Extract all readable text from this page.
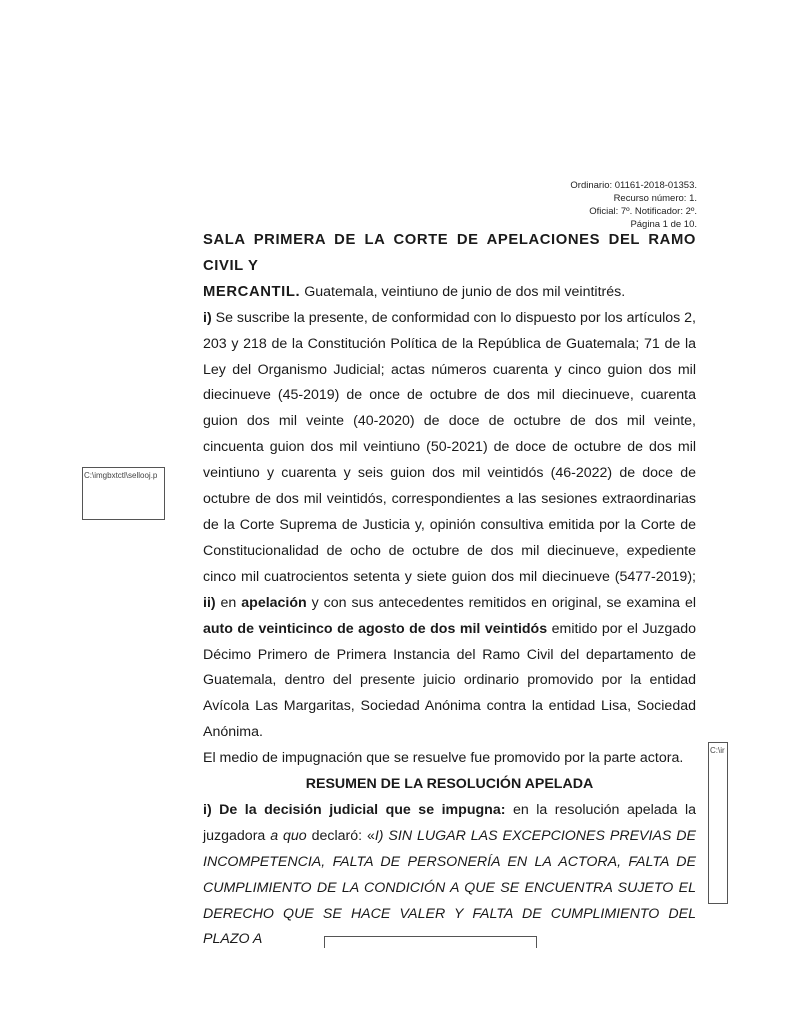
Ordinario: 01161-2018-01353.
Recurso número: 1.
Oficial: 7º. Notificador: 2º.
Página 1 de 10.
C:\imgbxtctl\sellooj.p
C:\ir

SALA PRIMERA DE LA CORTE DE APELACIONES DEL RAMO CIVIL Y

MERCANTIL. Guatemala, veintiuno de junio de dos mil veintitrés.

i) Se suscribe la presente, de conformidad con lo dispuesto por los artículos 2, 203 y 218 de la Constitución Política de la República de Guatemala; 71 de la Ley del Organismo Judicial; actas números cuarenta y cinco guion dos mil diecinueve (45-2019) de once de octubre de dos mil diecinueve, cuarenta guion dos mil veinte (40-2020) de doce de octubre de dos mil veinte, cincuenta guion dos mil veintiuno (50-2021) de doce de octubre de dos mil veintiuno y cuarenta y seis guion dos mil veintidós (46-2022) de doce de octubre de dos mil veintidós, correspondientes a las sesiones extraordinarias de la Corte Suprema de Justicia y, opinión consultiva emitida por la Corte de Constitucionalidad de ocho de octubre de dos mil diecinueve, expediente cinco mil cuatrocientos setenta y siete guion dos mil diecinueve (5477-2019); ii) en apelación y con sus antecedentes remitidos en original, se examina el auto de veinticinco de agosto de dos mil veintidós emitido por el Juzgado Décimo Primero de Primera Instancia del Ramo Civil del departamento de Guatemala, dentro del presente juicio ordinario promovido por la entidad Avícola Las Margaritas, Sociedad Anónima contra la entidad Lisa, Sociedad Anónima.

El medio de impugnación que se resuelve fue promovido por la parte actora.

RESUMEN DE LA RESOLUCIÓN APELADA

i) De la decisión judicial que se impugna: en la resolución apelada la juzgadora a quo declaró: «I) SIN LUGAR LAS EXCEPCIONES PREVIAS DE INCOMPETENCIA, FALTA DE PERSONERÍA EN LA ACTORA, FALTA DE CUMPLIMIENTO DE LA CONDICIÓN A QUE SE ENCUENTRA SUJETO EL DERECHO QUE SE HACE VALER Y FALTA DE CUMPLIMIENTO DEL PLAZO A
